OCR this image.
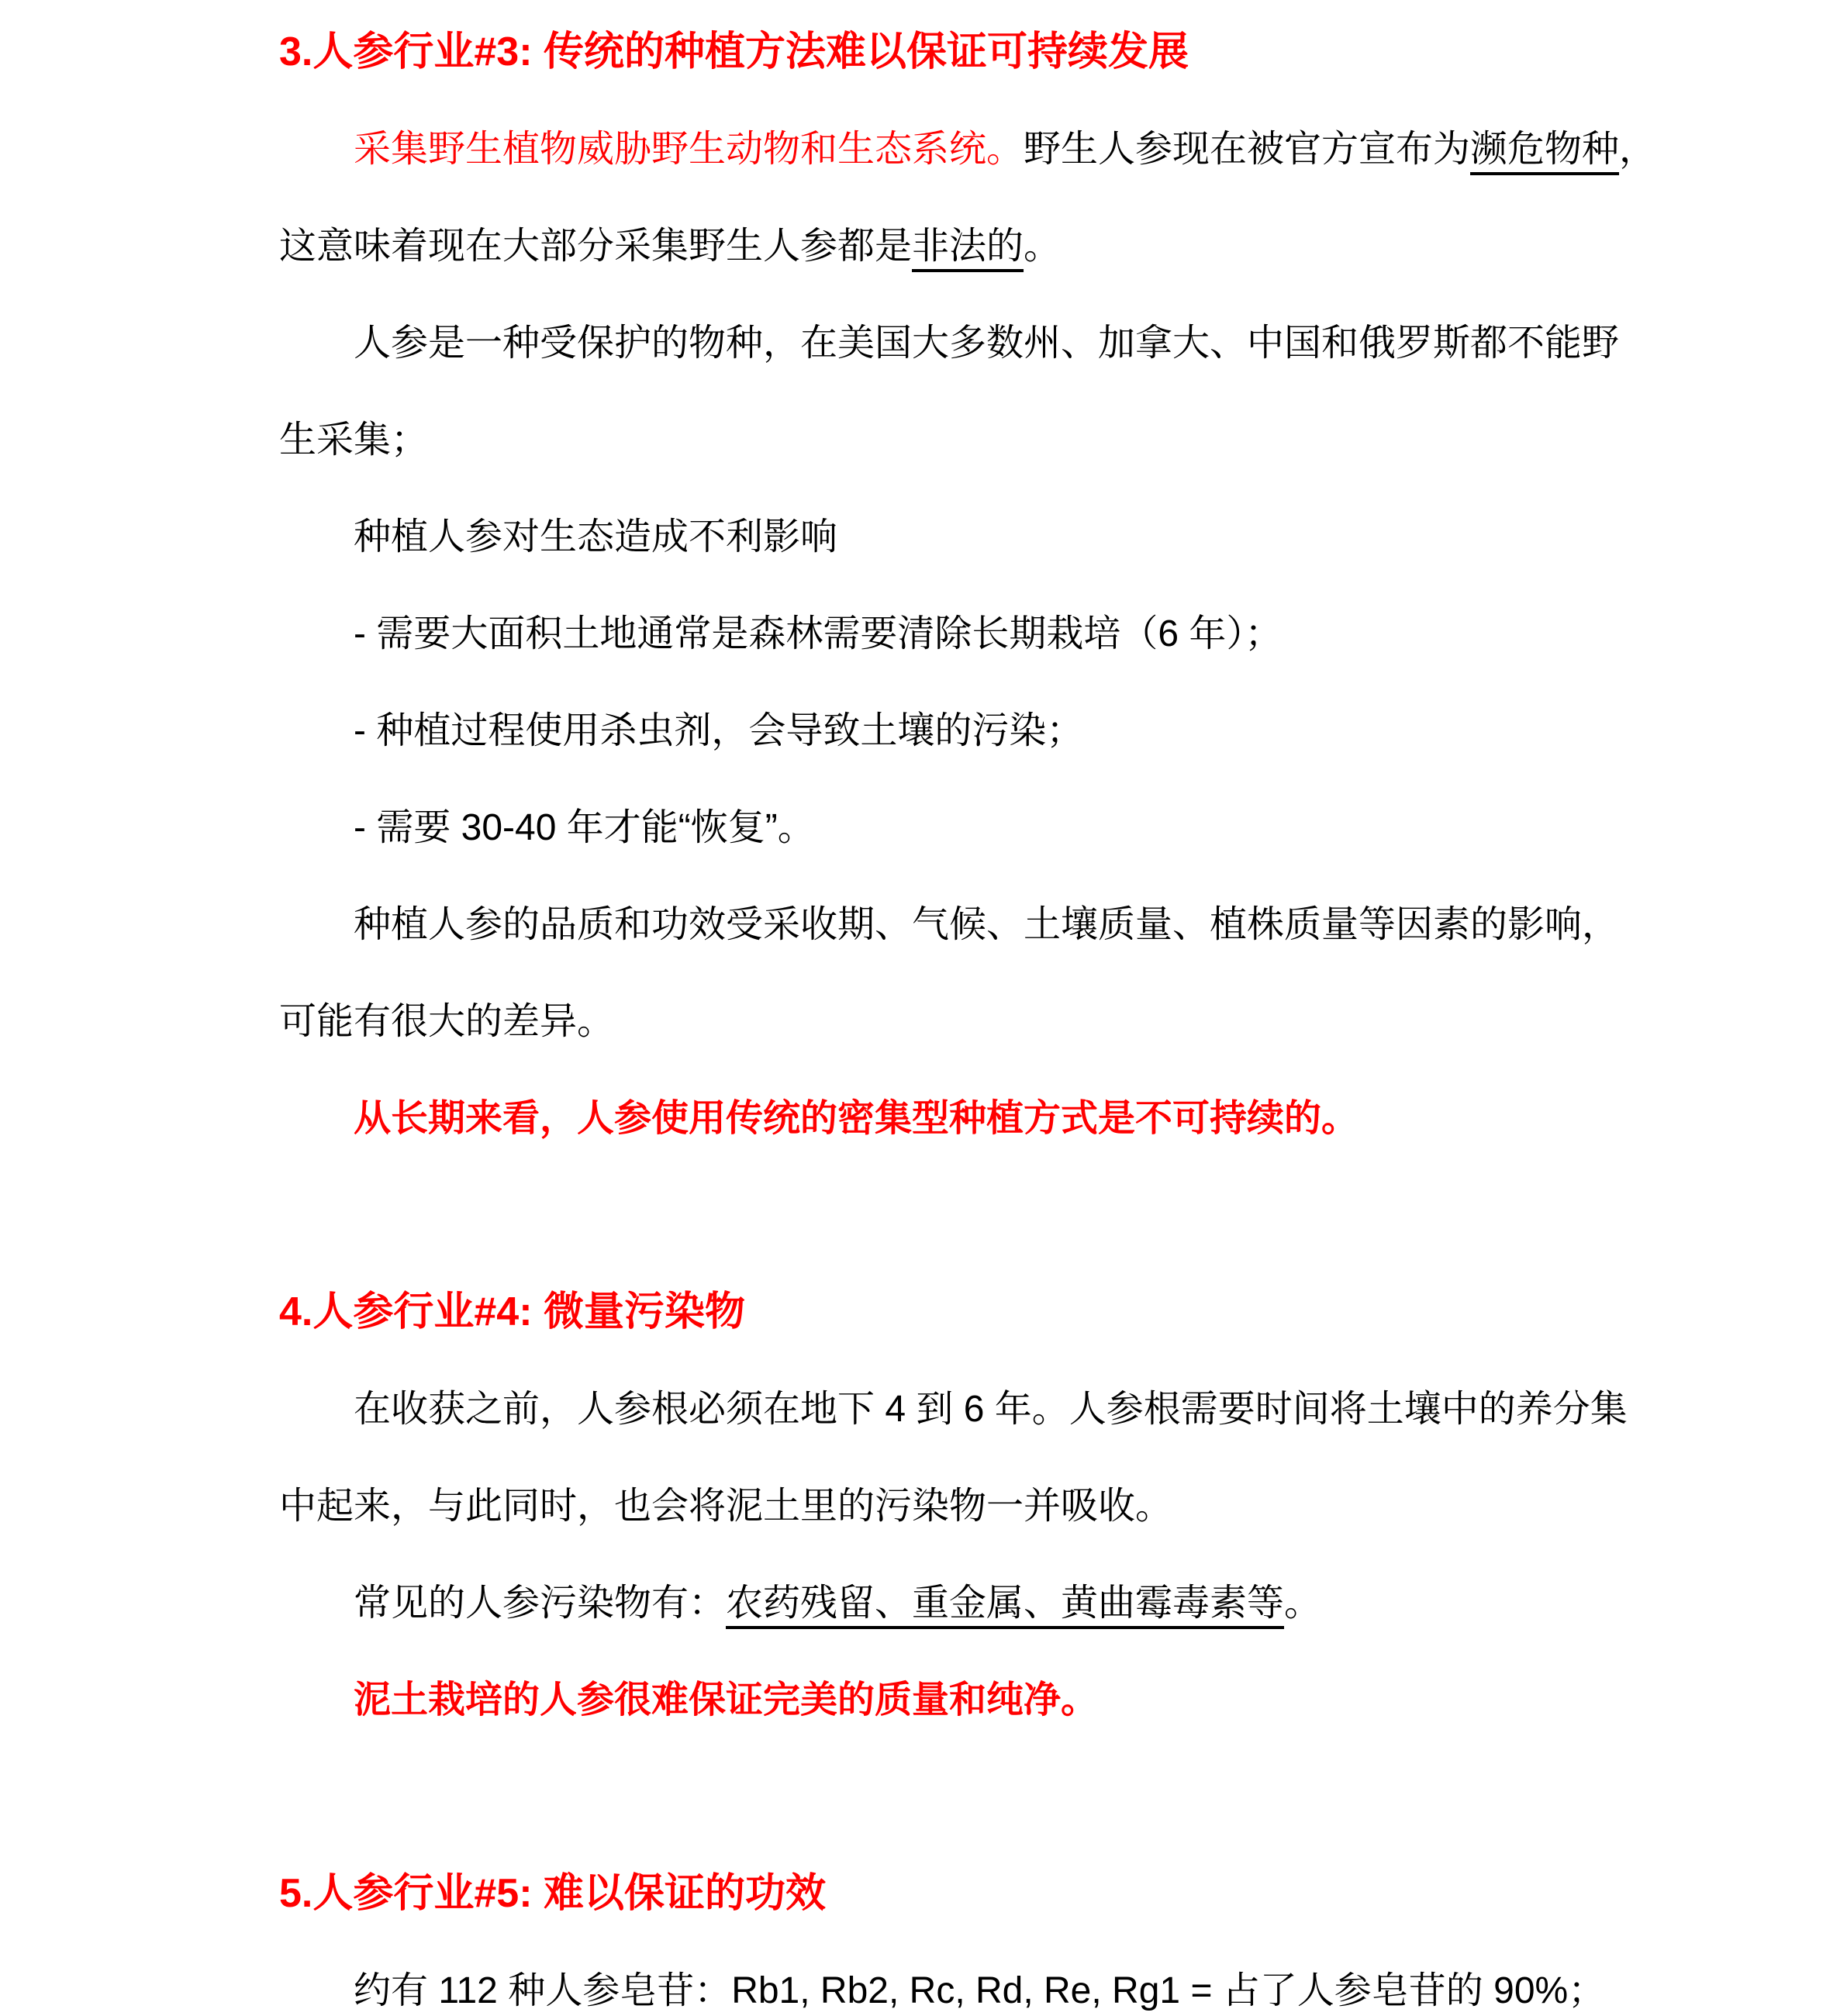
3.人参行业#3: 传统的种植方法难以保证可持续发展
采集野生植物威胁野生动物和生态系统。野生人参现在被官方宣布为濒危物种，
这意味着现在大部分采集野生人参都是非法的。
人参是一种受保护的物种，在美国大多数州、加拿大、中国和俄罗斯都不能野
生采集；
种植人参对生态造成不利影响
- 需要大面积土地通常是森林需要清除长期栽培（6 年）；
- 种植过程使用杀虫剂，会导致土壤的污染；
- 需要 30-40 年才能“恢复”。
种植人参的品质和功效受采收期、气候、土壤质量、植株质量等因素的影响，
可能有很大的差异。
从长期来看，人参使用传统的密集型种植方式是不可持续的。
4.人参行业#4: 微量污染物
在收获之前，人参根必须在地下 4 到 6 年。人参根需要时间将土壤中的养分集
中起来，与此同时，也会将泥土里的污染物一并吸收。
常见的人参污染物有：农药残留、重金属、黄曲霉毒素等。
泥土栽培的人参很难保证完美的质量和纯净。
5.人参行业#5: 难以保证的功效
约有 112 种人参皂苷：Rb1, Rb2, Rc, Rd, Re, Rg1 = 占了人参皂苷的 90%；
